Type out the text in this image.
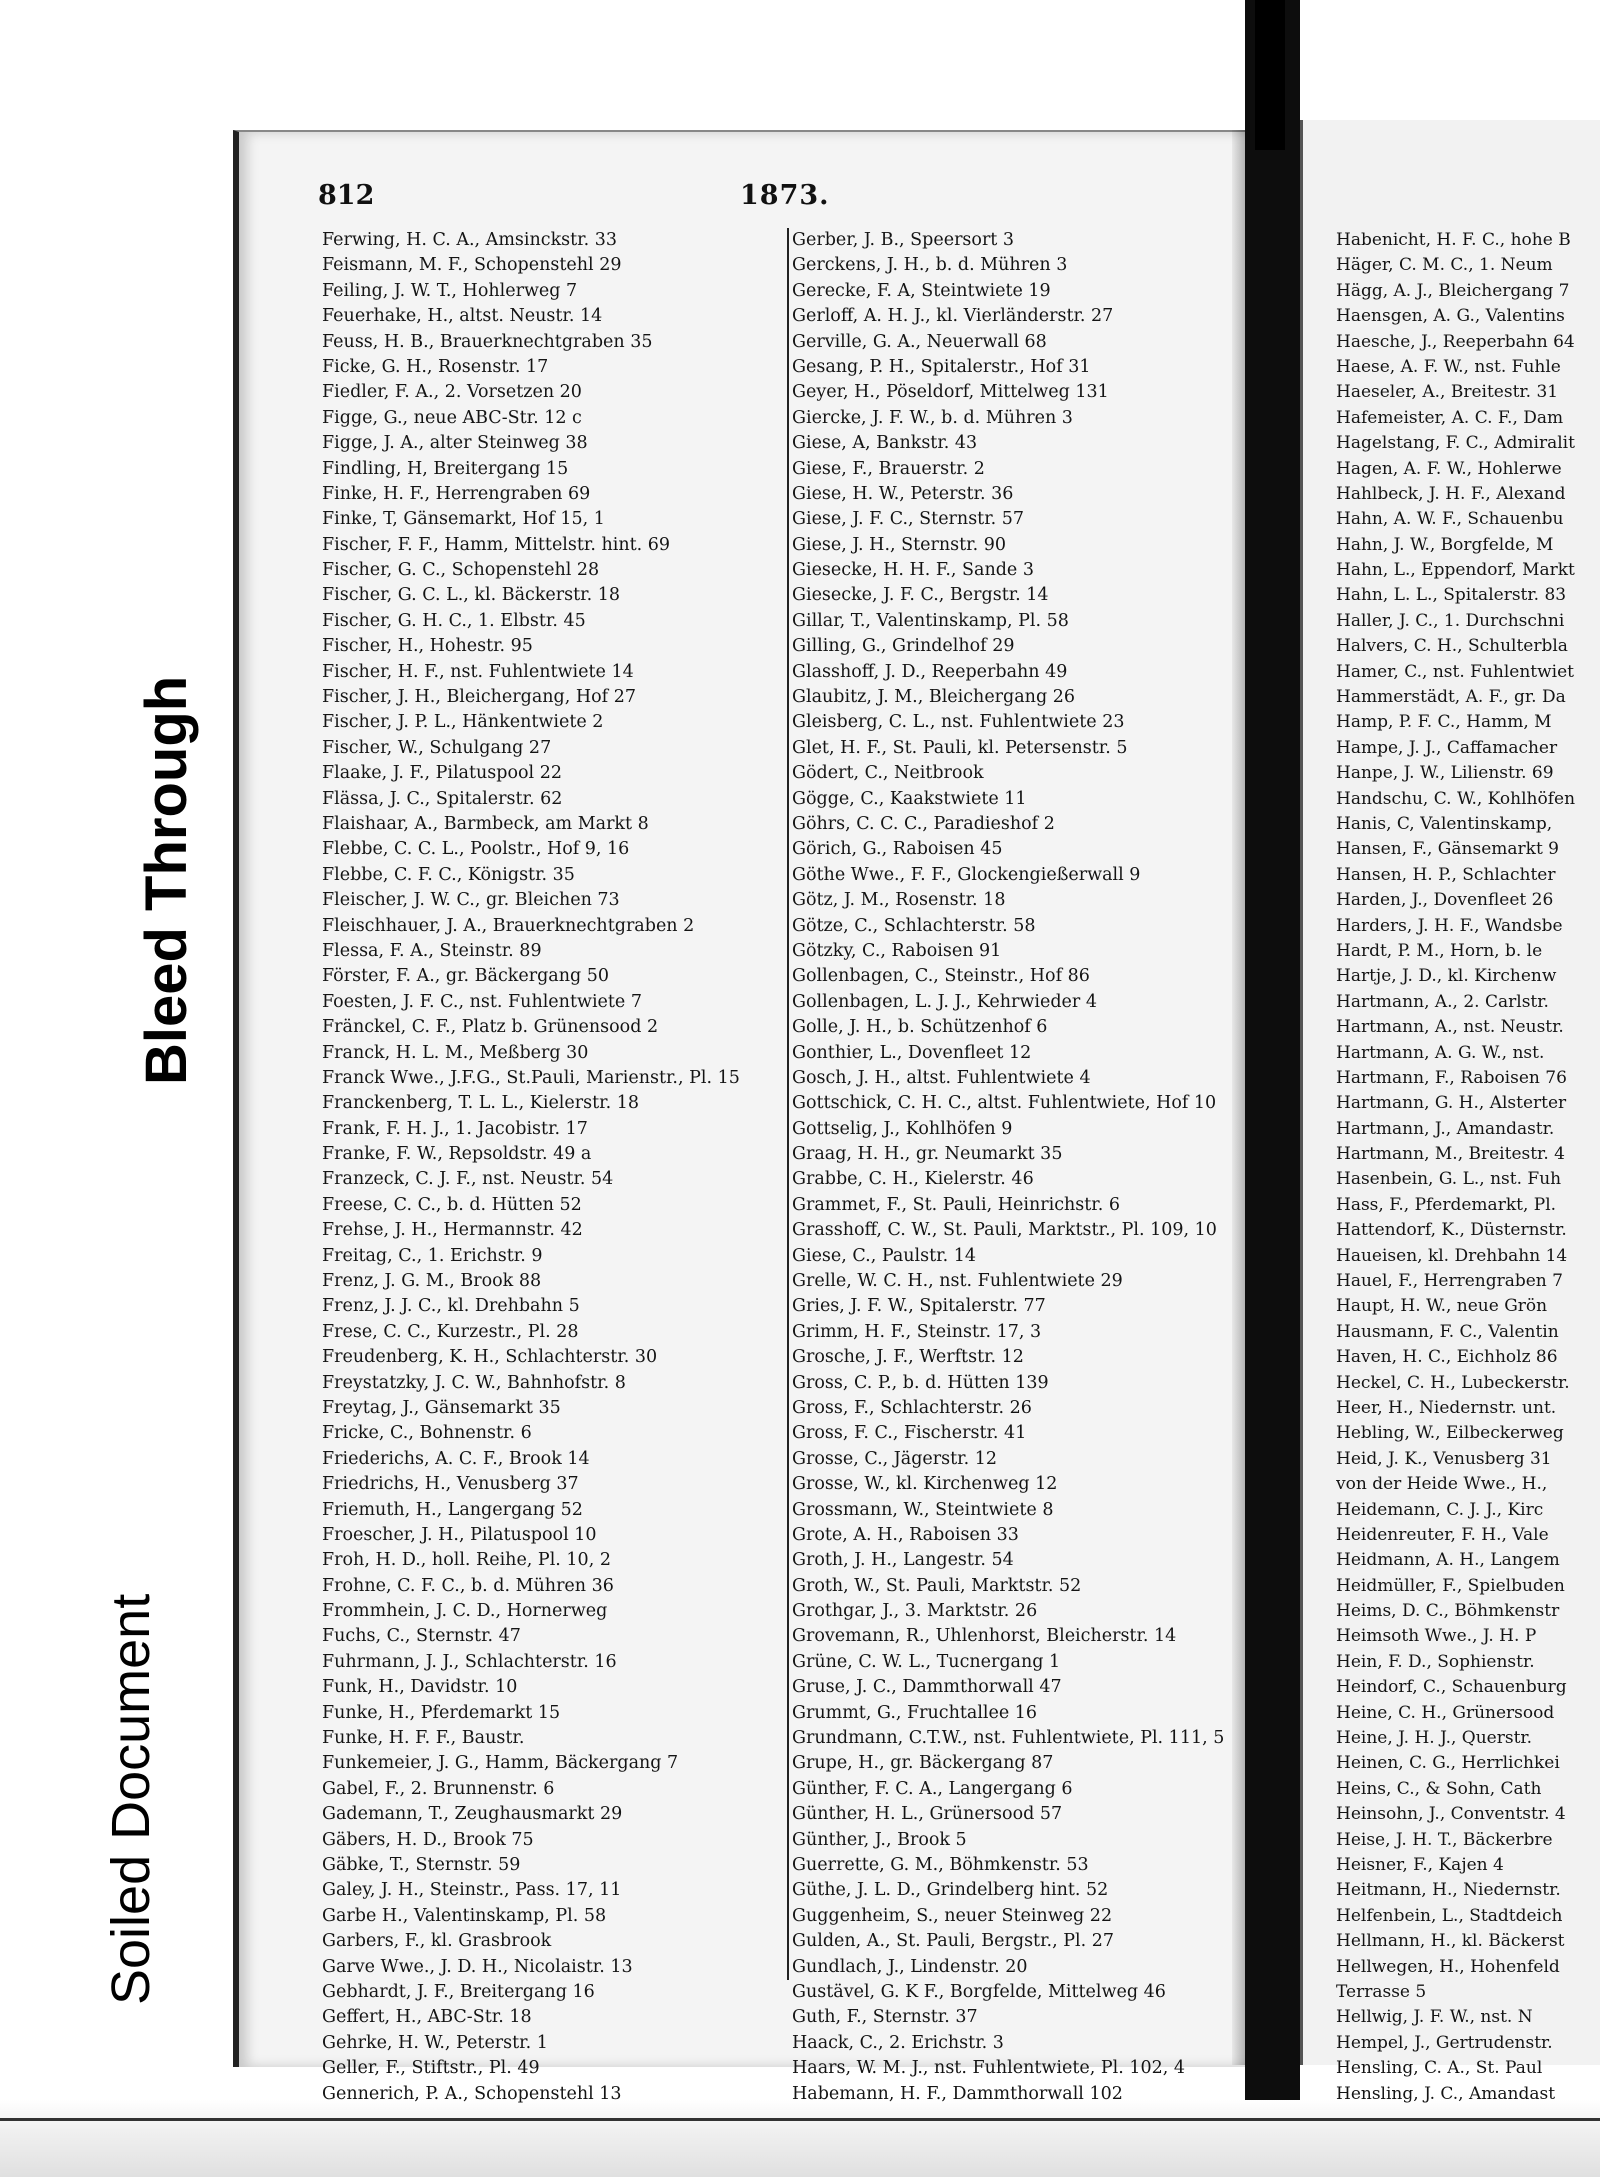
812	1873.
Ferwing, H. C. A., Amsinckstr. 33
Feismann, M. F., Schopenstehl 29
Feiling, J. W. T., Hohlerweg 7
Feuerhake, H., altst. Neustr. 14
Feuss, H. B., Brauerknechtgraben 35
Ficke, G. H., Rosenstr. 17
Fiedler, F. A., 2. Vorsetzen 20
Figge, G., neue ABC-Str. 12 c
Figge, J. A., alter Steinweg 38
Findling, H, Breitergang 15
Finke, H. F., Herrengraben 69
Finke, T, Gänsemarkt, Hof 15, 1
Fischer, F. F., Hamm, Mittelstr. hint. 69
Fischer, G. C., Schopenstehl 28
Fischer, G. C. L., kl. Bäckerstr. 18
Fischer, G. H. C., 1. Elbstr. 45
Fischer, H., Hohestr. 95
Fischer, H. F., nst. Fuhlentwiete 14
Fischer, J. H., Bleichergang, Hof 27
Fischer, J. P. L., Hänkentwiete 2
Fischer, W., Schulgang 27
Flaake, J. F., Pilatuspool 22
Flässa, J. C., Spitalerstr. 62
Flaishaar, A., Barmbeck, am Markt 8
Flebbe, C. C. L., Poolstr., Hof 9, 16
Flebbe, C. F. C., Königstr. 35
Fleischer, J. W. C., gr. Bleichen 73
Fleischhauer, J. A., Brauerknechtgraben 2
Flessa, F. A., Steinstr. 89
Förster, F. A., gr. Bäckergang 50
Foesten, J. F. C., nst. Fuhlentwiete 7
Fränckel, C. F., Platz b. Grünensood 2
Franck, H. L. M., Meßberg 30
Franck Wwe., J.F.G., St.Pauli, Marienstr., Pl. 15
Franckenberg, T. L. L., Kielerstr. 18
Frank, F. H. J., 1. Jacobistr. 17
Franke, F. W., Repsoldstr. 49 a
Franzeck, C. J. F., nst. Neustr. 54
Freese, C. C., b. d. Hütten 52
Frehse, J. H., Hermannstr. 42
Freitag, C., 1. Erichstr. 9
Frenz, J. G. M., Brook 88
Frenz, J. J. C., kl. Drehbahn 5
Frese, C. C., Kurzestr., Pl. 28
Freudenberg, K. H., Schlachterstr. 30
Freystatzky, J. C. W., Bahnhofstr. 8
Freytag, J., Gänsemarkt 35
Fricke, C., Bohnenstr. 6
Friederichs, A. C. F., Brook 14
Friedrichs, H., Venusberg 37
Friemuth, H., Langergang 52
Froescher, J. H., Pilatuspool 10
Froh, H. D., holl. Reihe, Pl. 10, 2
Frohne, C. F. C., b. d. Mühren 36
Frommhein, J. C. D., Hornerweg
Fuchs, C., Sternstr. 47
Fuhrmann, J. J., Schlachterstr. 16
Funk, H., Davidstr. 10
Funke, H., Pferdemarkt 15
Funke, H. F. F., Baustr.
Funkemeier, J. G., Hamm, Bäckergang 7
Gabel, F., 2. Brunnenstr. 6
Gademann, T., Zeughausmarkt 29
Gäbers, H. D., Brook 75
Gäbke, T., Sternstr. 59
Galey, J. H., Steinstr., Pass. 17, 11
Garbe H., Valentinskamp, Pl. 58
Garbers, F., kl. Grasbrook
Garve Wwe., J. D. H., Nicolaistr. 13
Gebhardt, J. F., Breitergang 16
Geffert, H., ABC-Str. 18
Gehrke, H. W., Peterstr. 1
Geller, F., Stiftstr., Pl. 49
Gennerich, P. A., Schopenstehl 13
Gerber, J. B., Speersort 3
Gerckens, J. H., b. d. Mühren 3
Gerecke, F. A, Steintwiete 19
Gerloff, A. H. J., kl. Vierländerstr. 27
Gerville, G. A., Neuerwall 68
Gesang, P. H., Spitalerstr., Hof 31
Geyer, H., Pöseldorf, Mittelweg 131
Giercke, J. F. W., b. d. Mühren 3
Giese, A, Bankstr. 43
Giese, F., Brauerstr. 2
Giese, H. W., Peterstr. 36
Giese, J. F. C., Sternstr. 57
Giese, J. H., Sternstr. 90
Giesecke, H. H. F., Sande 3
Giesecke, J. F. C., Bergstr. 14
Gillar, T., Valentinskamp, Pl. 58
Gilling, G., Grindelhof 29
Glasshoff, J. D., Reeperbahn 49
Glaubitz, J. M., Bleichergang 26
Gleisberg, C. L., nst. Fuhlentwiete 23
Glet, H. F., St. Pauli, kl. Petersenstr. 5
Gödert, C., Neitbrook
Gögge, C., Kaakstwiete 11
Göhrs, C. C. C., Paradieshof 2
Görich, G., Raboisen 45
Göthe Wwe., F. F., Glockengießerwall 9
Götz, J. M., Rosenstr. 18
Götze, C., Schlachterstr. 58
Götzky, C., Raboisen 91
Gollenbagen, C., Steinstr., Hof 86
Gollenbagen, L. J. J., Kehrwieder 4
Golle, J. H., b. Schützenhof 6
Gonthier, L., Dovenfleet 12
Gosch, J. H., altst. Fuhlentwiete 4
Gottschick, C. H. C., altst. Fuhlentwiete, Hof 10
Gottselig, J., Kohlhöfen 9
Graag, H. H., gr. Neumarkt 35
Grabbe, C. H., Kielerstr. 46
Grammet, F., St. Pauli, Heinrichstr. 6
Grasshoff, C. W., St. Pauli, Marktstr., Pl. 109, 10
Giese, C., Paulstr. 14
Grelle, W. C. H., nst. Fuhlentwiete 29
Gries, J. F. W., Spitalerstr. 77
Grimm, H. F., Steinstr. 17, 3
Grosche, J. F., Werftstr. 12
Gross, C. P., b. d. Hütten 139
Gross, F., Schlachterstr. 26
Gross, F. C., Fischerstr. 41
Grosse, C., Jägerstr. 12
Grosse, W., kl. Kirchenweg 12
Grossmann, W., Steintwiete 8
Grote, A. H., Raboisen 33
Groth, J. H., Langestr. 54
Groth, W., St. Pauli, Marktstr. 52
Grothgar, J., 3. Marktstr. 26
Grovemann, R., Uhlenhorst, Bleicherstr. 14
Grüne, C. W. L., Tucnergang 1
Gruse, J. C., Dammthorwall 47
Grummt, G., Fruchtallee 16
Grundmann, C.T.W., nst. Fuhlentwiete, Pl. 111, 5
Grupe, H., gr. Bäckergang 87
Günther, F. C. A., Langergang 6
Günther, H. L., Grünersood 57
Günther, J., Brook 5
Guerrette, G. M., Böhmkenstr. 53
Güthe, J. L. D., Grindelberg hint. 52
Guggenheim, S., neuer Steinweg 22
Gulden, A., St. Pauli, Bergstr., Pl. 27
Gundlach, J., Lindenstr. 20
Gustävel, G. K F., Borgfelde, Mittelweg 46
Guth, F., Sternstr. 37
Haack, C., 2. Erichstr. 3
Haars, W. M. J., nst. Fuhlentwiete, Pl. 102, 4
Habemann, H. F., Dammthorwall 102
Habenicht, H. F. C., hohe B
Häger, C. M. C., 1. Neum
Hägg, A. J., Bleichergang 7
Haensgen, A. G., Valentins
Haesche, J., Reeperbahn 64
Haese, A. F. W., nst. Fuhle
Haeseler, A., Breitestr. 31
Hafemeister, A. C. F., Dam
Hagelstang, F. C., Admiralit
Hagen, A. F. W., Hohlerwe
Hahlbeck, J. H. F., Alexand
Hahn, A. W. F., Schauenbu
Hahn, J. W., Borgfelde, M
Hahn, L., Eppendorf, Markt
Hahn, L. L., Spitalerstr. 83
Haller, J. C., 1. Durchschni
Halvers, C. H., Schulterbla
Hamer, C., nst. Fuhlentwiet
Hammerstädt, A. F., gr. Da
Hamp, P. F. C., Hamm, M
Hampe, J. J., Caffamacher
Hanpe, J. W., Lilienstr. 69
Handschu, C. W., Kohlhöfen
Hanis, C, Valentinskamp,
Hansen, F., Gänsemarkt 9
Hansen, H. P., Schlachter
Harden, J., Dovenfleet 26
Harders, J. H. F., Wandsbe
Hardt, P. M., Horn, b. le
Hartje, J. D., kl. Kirchenw
Hartmann, A., 2. Carlstr.
Hartmann, A., nst. Neustr.
Hartmann, A. G. W., nst.
Hartmann, F., Raboisen 76
Hartmann, G. H., Alsterter
Hartmann, J., Amandastr.
Hartmann, M., Breitestr. 4
Hasenbein, G. L., nst. Fuh
Hass, F., Pferdemarkt, Pl.
Hattendorf, K., Düsternstr.
Haueisen, kl. Drehbahn 14
Hauel, F., Herrengraben 7
Haupt, H. W., neue Grön
Hausmann, F. C., Valentin
Haven, H. C., Eichholz 86
Heckel, C. H., Lubeckerstr.
Heer, H., Niedernstr. unt.
Hebling, W., Eilbeckerweg
Heid, J. K., Venusberg 31
von der Heide Wwe., H.,
Heidemann, C. J. J., Kirc
Heidenreuter, F. H., Vale
Heidmann, A. H., Langem
Heidmüller, F., Spielbuden
Heims, D. C., Böhmkenstr
Heimsoth Wwe., J. H. P
Hein, F. D., Sophienstr.
Heindorf, C., Schauenburg
Heine, C. H., Grünersood
Heine, J. H. J., Querstr.
Heinen, C. G., Herrlichkei
Heins, C., & Sohn, Cath
Heinsohn, J., Conventstr. 4
Heise, J. H. T., Bäckerbre
Heisner, F., Kajen 4
Heitmann, H., Niedernstr.
Helfenbein, L., Stadtdeich
Hellmann, H., kl. Bäckerst
Hellwegen, H., Hohenfeld
Terrasse 5
Hellwig, J. F. W., nst. N
Hempel, J., Gertrudenstr.
Hensling, C. A., St. Paul
Hensling, J. C., Amandast
Bleed Through
Soiled Document
